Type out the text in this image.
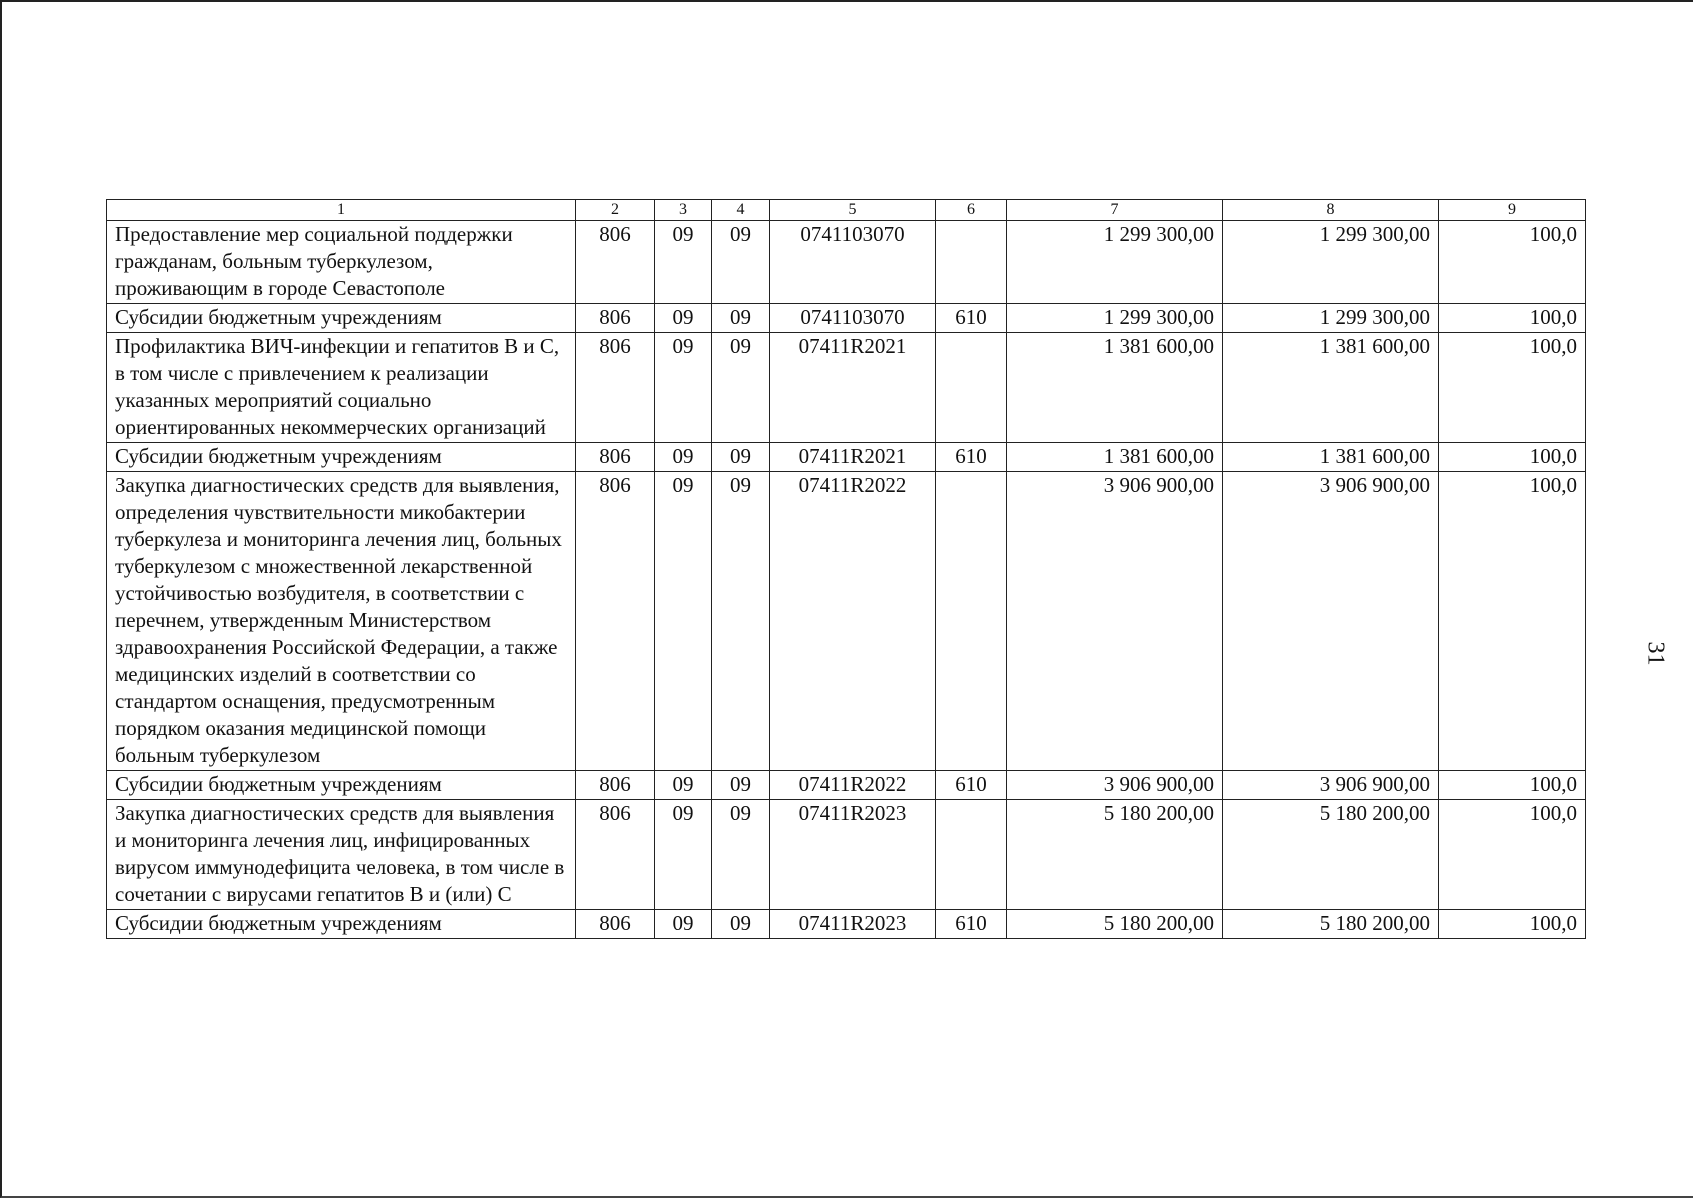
31
1	2	3	4	5	6	7	8	9
Предоставление мер социальной поддержки гражданам, больным туберкулезом, проживающим в городе Севастополе	806	09	09	0741103070		1 299 300,00	1 299 300,00	100,0
Субсидии бюджетным учреждениям	806	09	09	0741103070	610	1 299 300,00	1 299 300,00	100,0
Профилактика ВИЧ-инфекции и гепатитов В и С, в том числе с привлечением к реализации указанных мероприятий социально ориентированных некоммерческих организаций	806	09	09	07411R2021		1 381 600,00	1 381 600,00	100,0
Субсидии бюджетным учреждениям	806	09	09	07411R2021	610	1 381 600,00	1 381 600,00	100,0
Закупка диагностических средств для выявления, определения чувствительности микобактерии туберкулеза и мониторинга лечения лиц, больных туберкулезом с множественной лекарственной устойчивостью возбудителя, в соответствии с перечнем, утвержденным Министерством здравоохранения Российской Федерации, а также медицинских изделий в соответствии со стандартом оснащения, предусмотренным порядком оказания медицинской помощи больным туберкулезом	806	09	09	07411R2022		3 906 900,00	3 906 900,00	100,0
Субсидии бюджетным учреждениям	806	09	09	07411R2022	610	3 906 900,00	3 906 900,00	100,0
Закупка диагностических средств для выявления и мониторинга лечения лиц, инфицированных вирусом иммунодефицита человека, в том числе в сочетании с вирусами гепатитов В и (или) С	806	09	09	07411R2023		5 180 200,00	5 180 200,00	100,0
Субсидии бюджетным учреждениям	806	09	09	07411R2023	610	5 180 200,00	5 180 200,00	100,0
